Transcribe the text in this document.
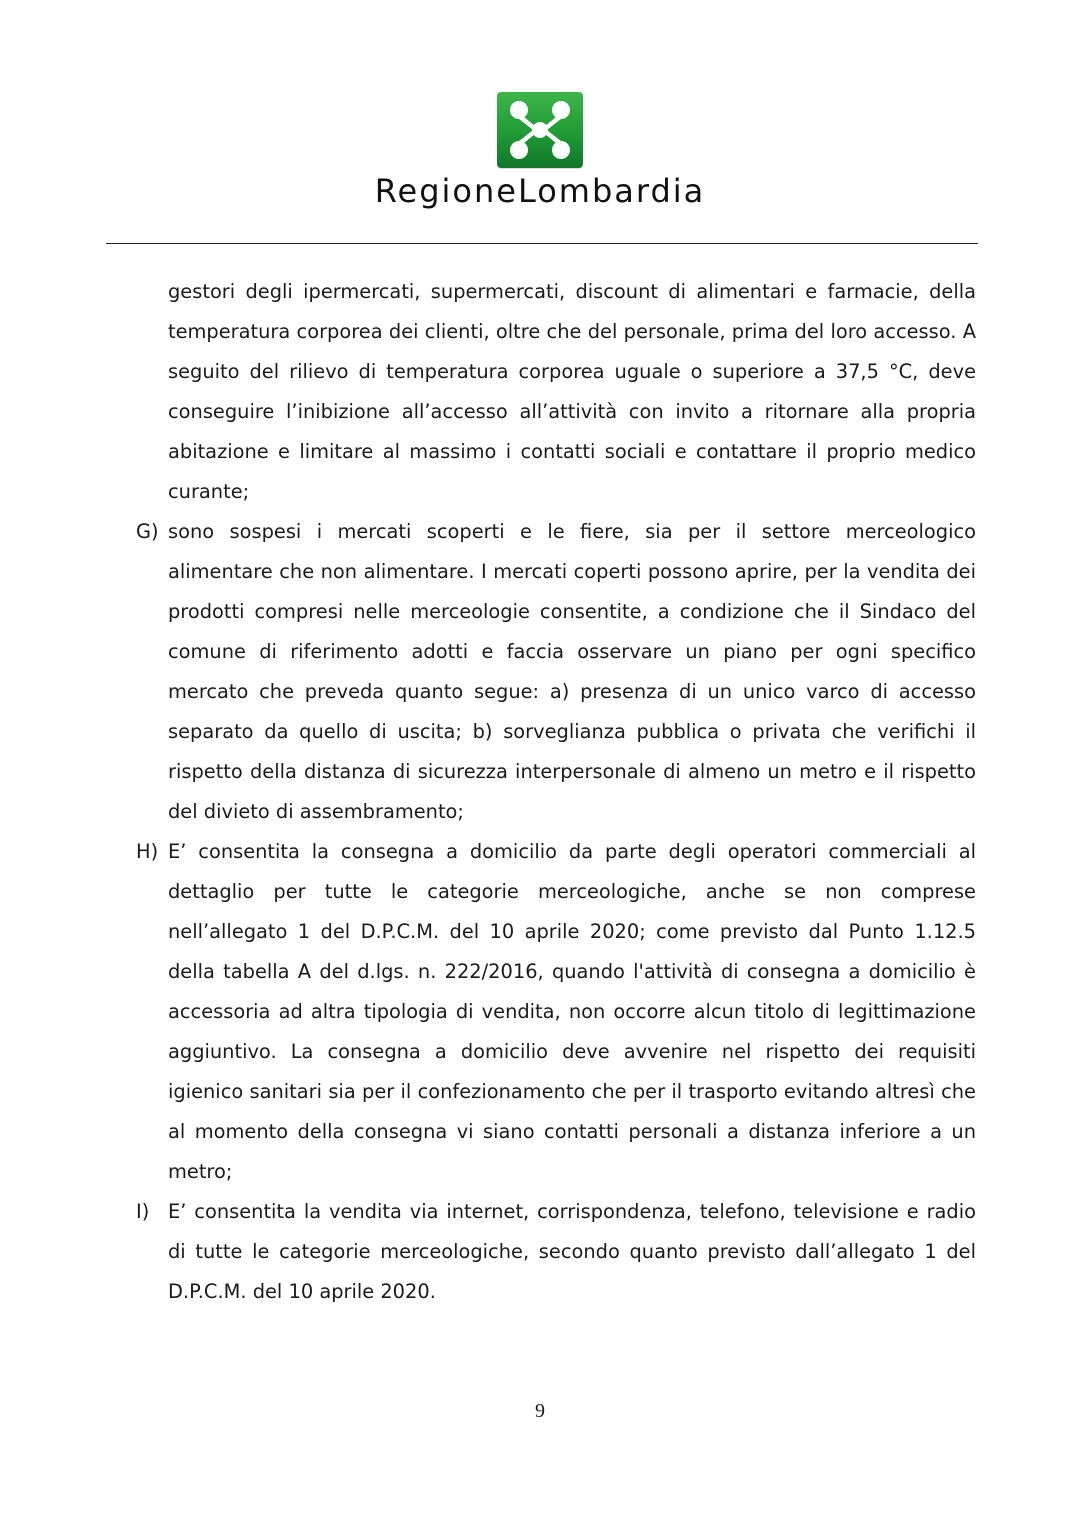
RegioneLombardia

gestori degli ipermercati, supermercati, discount di alimentari e farmacie, della temperatura corporea dei clienti, oltre che del personale, prima del loro accesso. A seguito del rilievo di temperatura corporea uguale o superiore a 37,5 °C, deve conseguire l’inibizione all’accesso all’attività con invito a ritornare alla propria abitazione e limitare al massimo i contatti sociali e contattare il proprio medico curante;

G) sono sospesi i mercati scoperti e le fiere, sia per il settore merceologico alimentare che non alimentare. I mercati coperti possono aprire, per la vendita dei prodotti compresi nelle merceologie consentite, a condizione che il Sindaco del comune di riferimento adotti e faccia osservare un piano per ogni specifico mercato che preveda quanto segue: a) presenza di un unico varco di accesso separato da quello di uscita; b) sorveglianza pubblica o privata che verifichi il rispetto della distanza di sicurezza interpersonale di almeno un metro e il rispetto del divieto di assembramento;
H) E’ consentita la consegna a domicilio da parte degli operatori commerciali al dettaglio per tutte le categorie merceologiche, anche se non comprese nell’allegato 1 del D.P.C.M. del 10 aprile 2020; come previsto dal Punto 1.12.5 della tabella A del d.lgs. n. 222/2016, quando l'attività di consegna a domicilio è accessoria ad altra tipologia di vendita, non occorre alcun titolo di legittimazione aggiuntivo. La consegna a domicilio deve avvenire nel rispetto dei requisiti igienico sanitari sia per il confezionamento che per il trasporto evitando altresì che al momento della consegna vi siano contatti personali a distanza inferiore a un metro;
I) E’ consentita la vendita via internet, corrispondenza, telefono, televisione e radio di tutte le categorie merceologiche, secondo quanto previsto dall’allegato 1 del D.P.C.M. del 10 aprile 2020.
9
